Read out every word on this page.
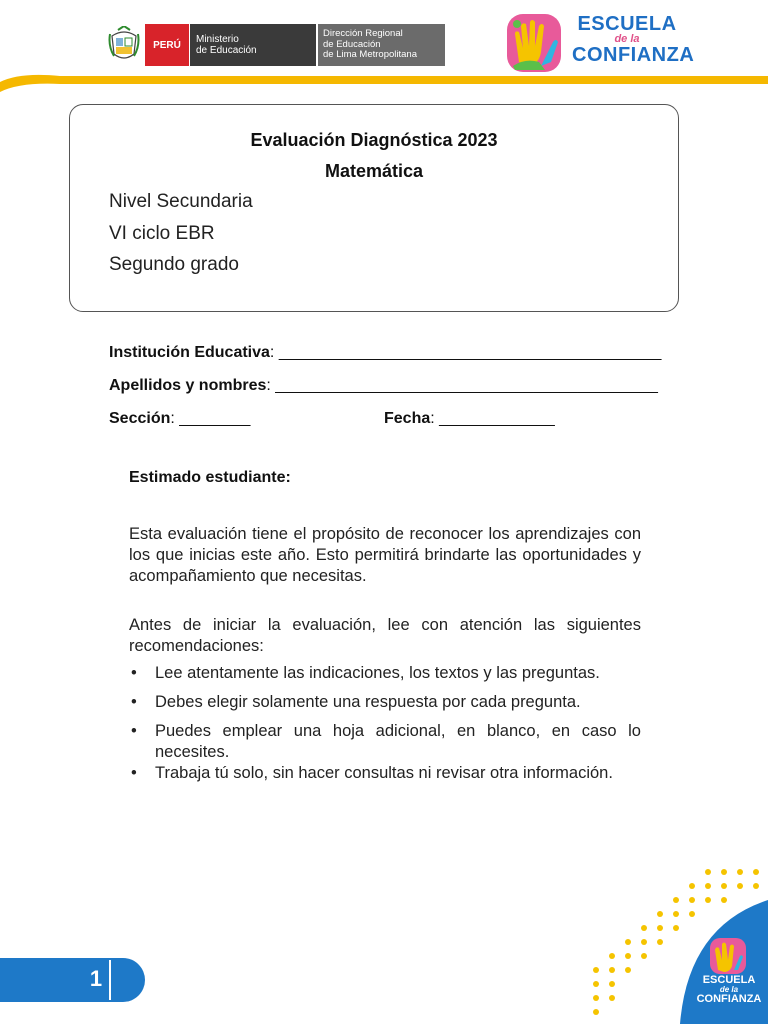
PERÚ Ministerio
de Educación
Dirección Regional
de Educación
de Lima Metropolitana
ESCUELA
de la
CONFIANZA
Evaluación Diagnóstica 2023
Matemática
Nivel Secundaria
VI ciclo EBR
Segundo grado
Institución Educativa: ___________________________________________
Apellidos y nombres: ___________________________________________
Sección: ________	Fecha: _____________
Estimado estudiante:
Esta evaluación tiene el propósito de reconocer los aprendizajes con los que inicias este año. Esto permitirá brindarte las oportunidades y acompañamiento que necesitas.
Antes de iniciar la evaluación, lee con atención las siguientes recomendaciones:
• Lee atentamente las indicaciones, los textos y las preguntas.
• Debes elegir solamente una respuesta por cada pregunta.
• Puedes emplear una hoja adicional, en blanco, en caso lo necesites.
• Trabaja tú solo, sin hacer consultas ni revisar otra información.
1	ESCUELA
de la
CONFIANZA
